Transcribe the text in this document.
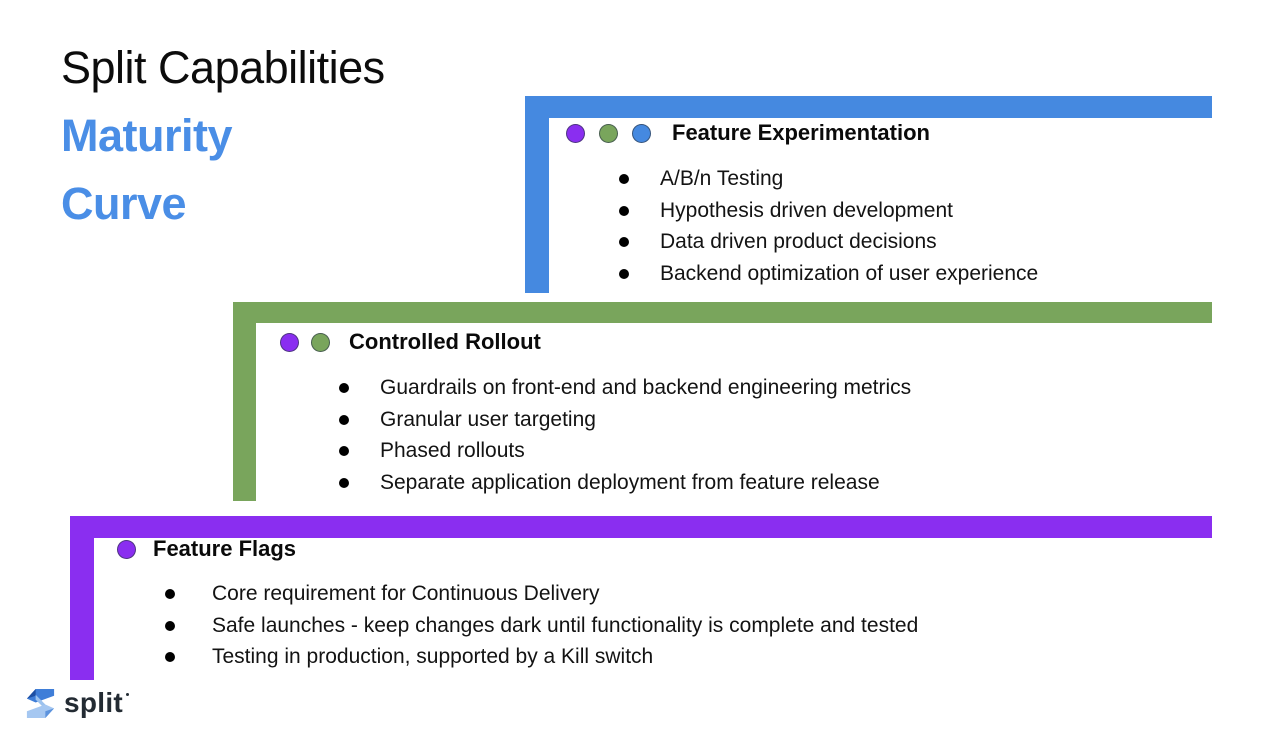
Split Capabilities
Maturity
Curve
Feature Experimentation
A/B/n Testing
Hypothesis driven development
Data driven product decisions
Backend optimization of user experience
Controlled Rollout
Guardrails on front-end and backend engineering metrics
Granular user targeting
Phased rollouts
Separate application deployment from feature release
Feature Flags
Core requirement for Continuous Delivery
Safe launches - keep changes dark until functionality is complete and tested
Testing in production, supported by a Kill switch
split
